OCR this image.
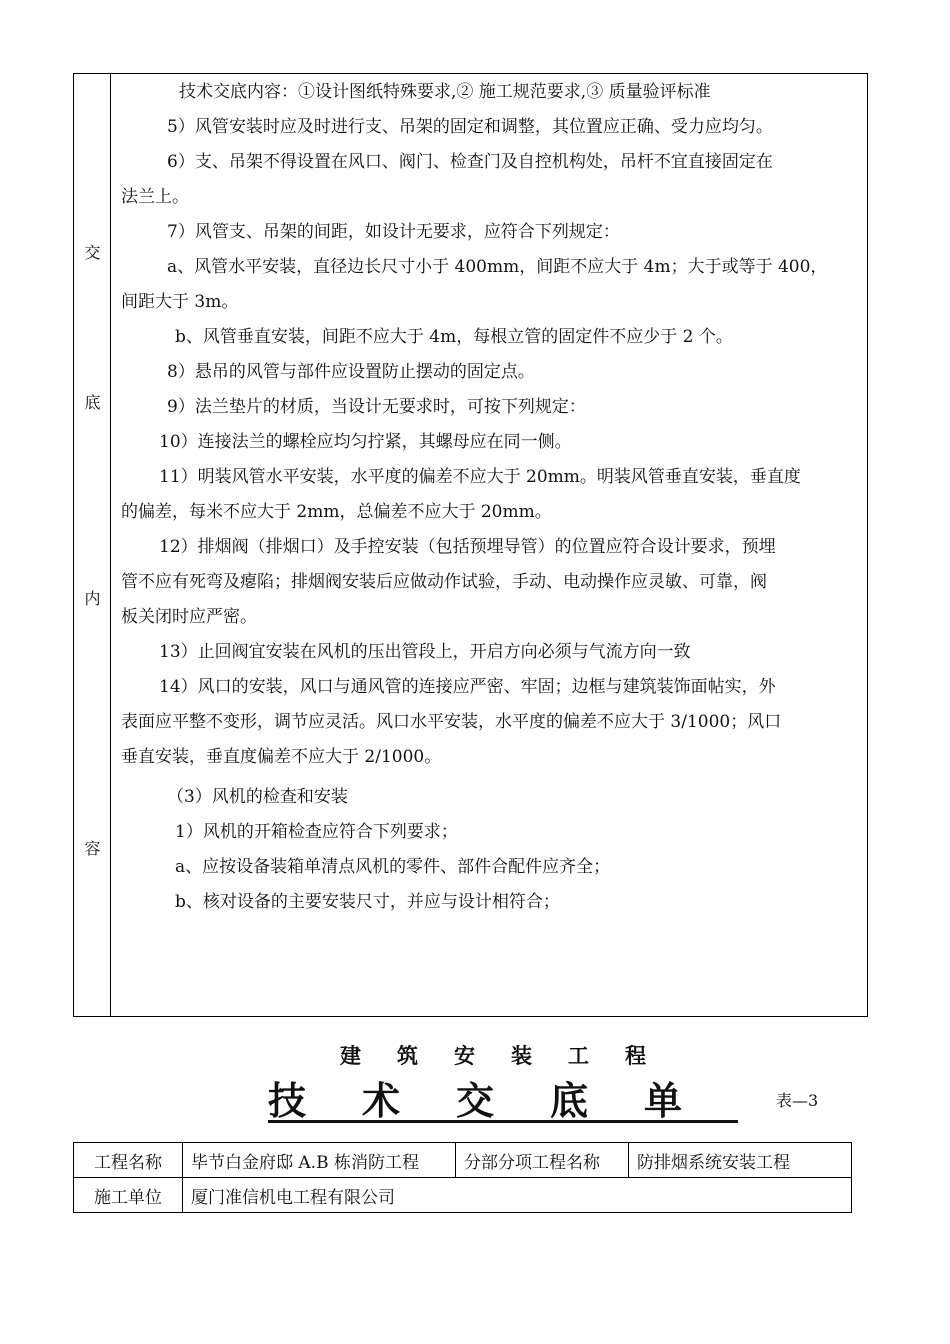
交
底
内
容

技术交底内容：①设计图纸特殊要求,② 施工规范要求,③ 质量验评标准

5）风管安装时应及时进行支、吊架的固定和调整，其位置应正确、受力应均匀。

6）支、吊架不得设置在风口、阀门、检查门及自控机构处，吊杆不宜直接固定在

法兰上。

7）风管支、吊架的间距，如设计无要求，应符合下列规定：

a、风管水平安装，直径边长尺寸小于 400mm，间距不应大于 4m；大于或等于 400，

间距大于 3m。

b、风管垂直安装，间距不应大于 4m，每根立管的固定件不应少于 2 个。

8）悬吊的风管与部件应设置防止摆动的固定点。

9）法兰垫片的材质，当设计无要求时，可按下列规定：

10）连接法兰的螺栓应均匀拧紧，其螺母应在同一侧。

11）明装风管水平安装，水平度的偏差不应大于 20mm。明装风管垂直安装，垂直度

的偏差，每米不应大于 2mm，总偏差不应大于 20mm。

12）排烟阀（排烟口）及手控安装（包括预埋导管）的位置应符合设计要求，预埋

管不应有死弯及瘪陷；排烟阀安装后应做动作试验，手动、电动操作应灵敏、可靠，阀

板关闭时应严密。

13）止回阀宜安装在风机的压出管段上，开启方向必须与气流方向一致

14）风口的安装，风口与通风管的连接应严密、牢固；边框与建筑装饰面帖实，外

表面应平整不变形，调节应灵活。风口水平安装，水平度的偏差不应大于 3/1000；风口

垂直安装，垂直度偏差不应大于 2/1000。

（3）风机的检查和安装

1）风机的开箱检查应符合下列要求；

a、应按设备装箱单清点风机的零件、部件合配件应齐全；

b、核对设备的主要安装尺寸，并应与设计相符合；

建筑安装工程
技术交底单	表—3
工程名称	毕节白金府邸 A.B 栋消防工程	分部分项工程名称	防排烟系统安装工程
施工单位	厦门准信机电工程有限公司		
